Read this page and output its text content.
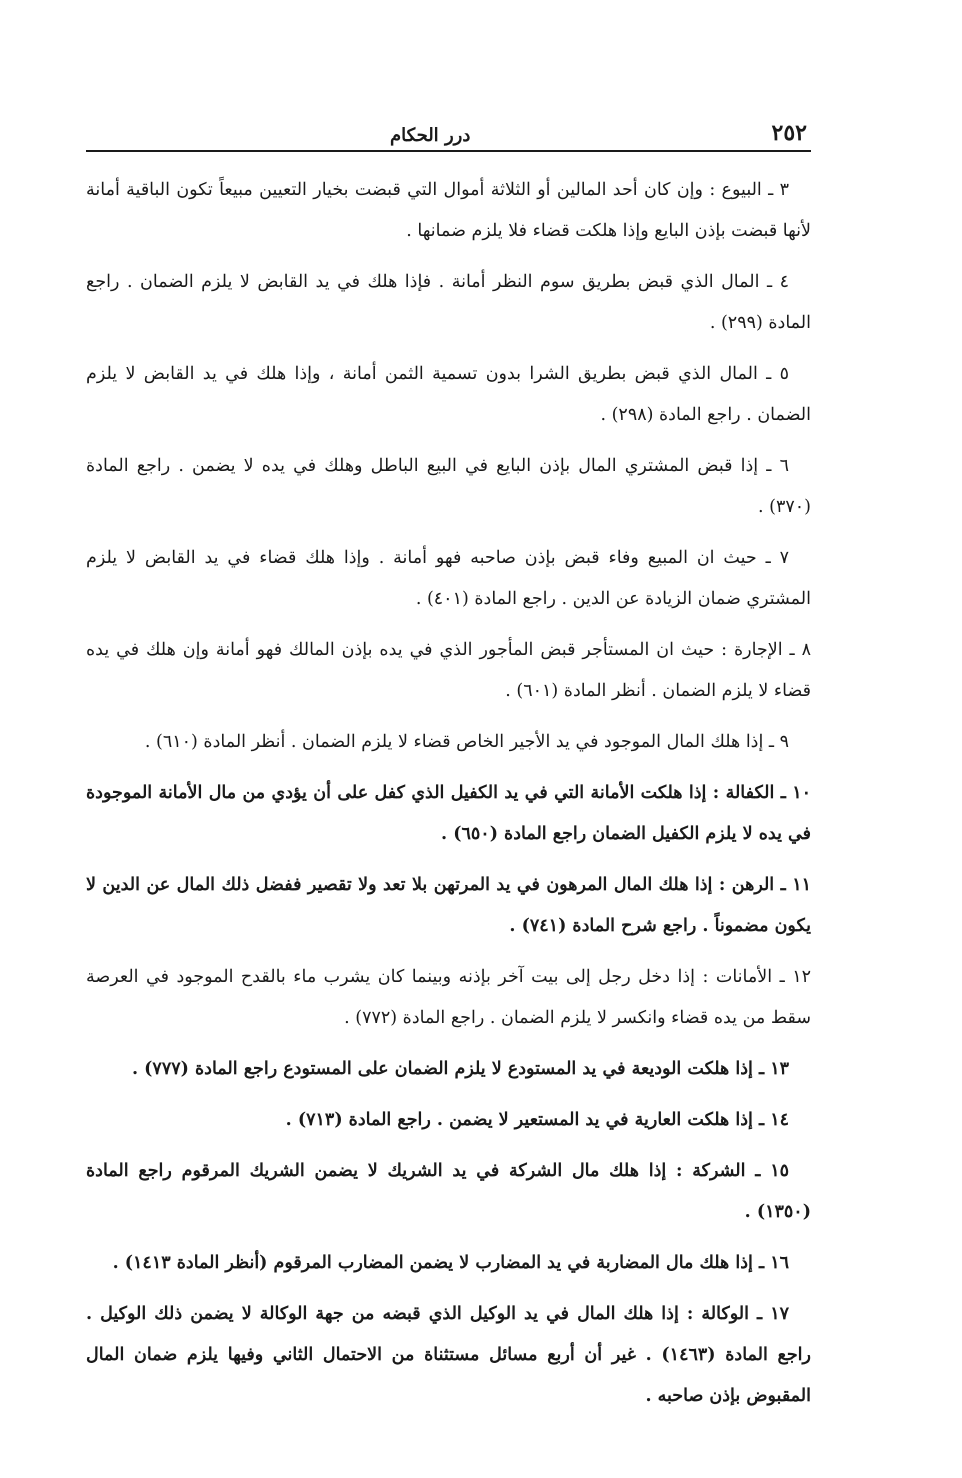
٢٥٢
درر الحكام

٣ ـ البيوع : وإن كان أحد المالين أو الثلاثة أموال التي قبضت بخيار التعيين مبيعاً تكون الباقية أمانة لأنها قبضت بإذن البايع وإذا هلكت قضاء فلا يلزم ضمانها .

٤ ـ المال الذي قبض بطريق سوم النظر أمانة . فإذا هلك في يد القابض لا يلزم الضمان . راجع المادة (٢٩٩) .

٥ ـ المال الذي قبض بطريق الشرا بدون تسمية الثمن أمانة ، وإذا هلك في يد القابض لا يلزم الضمان . راجع المادة (٢٩٨) .

٦ ـ إذا قبض المشتري المال بإذن البايع في البيع الباطل وهلك في يده لا يضمن . راجع المادة (٣٧٠) .

٧ ـ حيث ان المبيع وفاء قبض بإذن صاحبه فهو أمانة . وإذا هلك قضاء في يد القابض لا يلزم المشتري ضمان الزيادة عن الدين . راجع المادة (٤٠١) .

٨ ـ الإجارة : حيث ان المستأجر قبض المأجور الذي في يده بإذن المالك فهو أمانة وإن هلك في يده قضاء لا يلزم الضمان . أنظر المادة (٦٠١) .

٩ ـ إذا هلك المال الموجود في يد الأجير الخاص قضاء لا يلزم الضمان . أنظر المادة (٦١٠) .

١٠ ـ الكفالة : إذا هلكت الأمانة التي في يد الكفيل الذي كفل على أن يؤدي من مال الأمانة الموجودة في يده لا يلزم الكفيل الضمان راجع المادة (٦٥٠) .

١١ ـ الرهن : إذا هلك المال المرهون في يد المرتهن بلا تعد ولا تقصير ففضل ذلك المال عن الدين لا يكون مضموناً . راجع شرح المادة (٧٤١) .

١٢ ـ الأمانات : إذا دخل رجل إلى بيت آخر بإذنه وبينما كان يشرب ماء بالقدح الموجود في العرصة سقط من يده قضاء وانكسر لا يلزم الضمان . راجع المادة (٧٧٢) .

١٣ ـ إذا هلكت الوديعة في يد المستودع لا يلزم الضمان على المستودع راجع المادة (٧٧٧) .

١٤ ـ إذا هلكت العارية في يد المستعير لا يضمن . راجع المادة (٧١٣) .

١٥ ـ الشركة : إذا هلك مال الشركة في يد الشريك لا يضمن الشريك المرقوم راجع المادة (١٣٥٠) .

١٦ ـ إذا هلك مال المضاربة في يد المضارب لا يضمن المضارب المرقوم (أنظر المادة ١٤١٣) .

١٧ ـ الوكالة : إذا هلك المال في يد الوكيل الذي قبضه من جهة الوكالة لا يضمن ذلك الوكيل . راجع المادة (١٤٦٣) . غير أن أربع مسائل مستثناة من الاحتمال الثاني وفيها يلزم ضمان المال المقبوض بإذن صاحبه .
